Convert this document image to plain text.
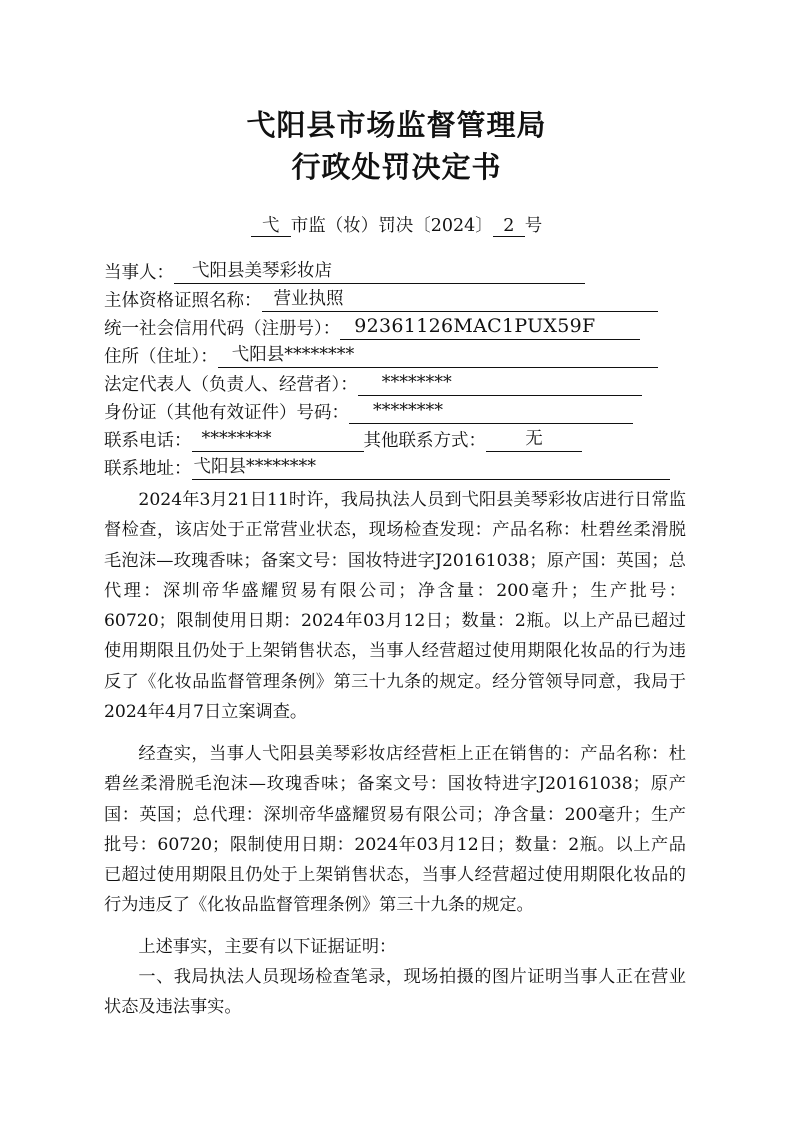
弋阳县市场监督管理局
行政处罚决定书
弋 市监（妆）罚决〔2024〕 2 号
当事人： 弋阳县美琴彩妆店
主体资格证照名称： 营业执照
统一社会信用代码（注册号）： 92361126MAC1PUX59F
住所（住址）： 弋阳县********
法定代表人（负责人、经营者）： ********
身份证（其他有效证件）号码： ********
联系电话： ********	其他联系方式： 无
联系地址： 弋阳县********

2024年3月21日11时许，我局执法人员到弋阳县美琴彩妆店进行日常监督检查，该店处于正常营业状态，现场检查发现：产品名称：杜碧丝柔滑脱毛泡沫—玫瑰香味；备案文号：国妆特进字J20161038；原产国：英国；总代理：深圳帝华盛耀贸易有限公司；净含量：200毫升；生产批号：60720；限制使用日期：2024年03月12日；数量：2瓶。以上产品已超过使用期限且仍处于上架销售状态，当事人经营超过使用期限化妆品的行为违反了《化妆品监督管理条例》第三十九条的规定。经分管领导同意，我局于2024年4月7日立案调查。

经查实，当事人弋阳县美琴彩妆店经营柜上正在销售的：产品名称：杜碧丝柔滑脱毛泡沫—玫瑰香味；备案文号：国妆特进字J20161038；原产国：英国；总代理：深圳帝华盛耀贸易有限公司；净含量：200毫升；生产批号：60720；限制使用日期：2024年03月12日；数量：2瓶。以上产品已超过使用期限且仍处于上架销售状态，当事人经营超过使用期限化妆品的行为违反了《化妆品监督管理条例》第三十九条的规定。

上述事实，主要有以下证据证明：

一、我局执法人员现场检查笔录，现场拍摄的图片证明当事人正在营业状态及违法事实。
